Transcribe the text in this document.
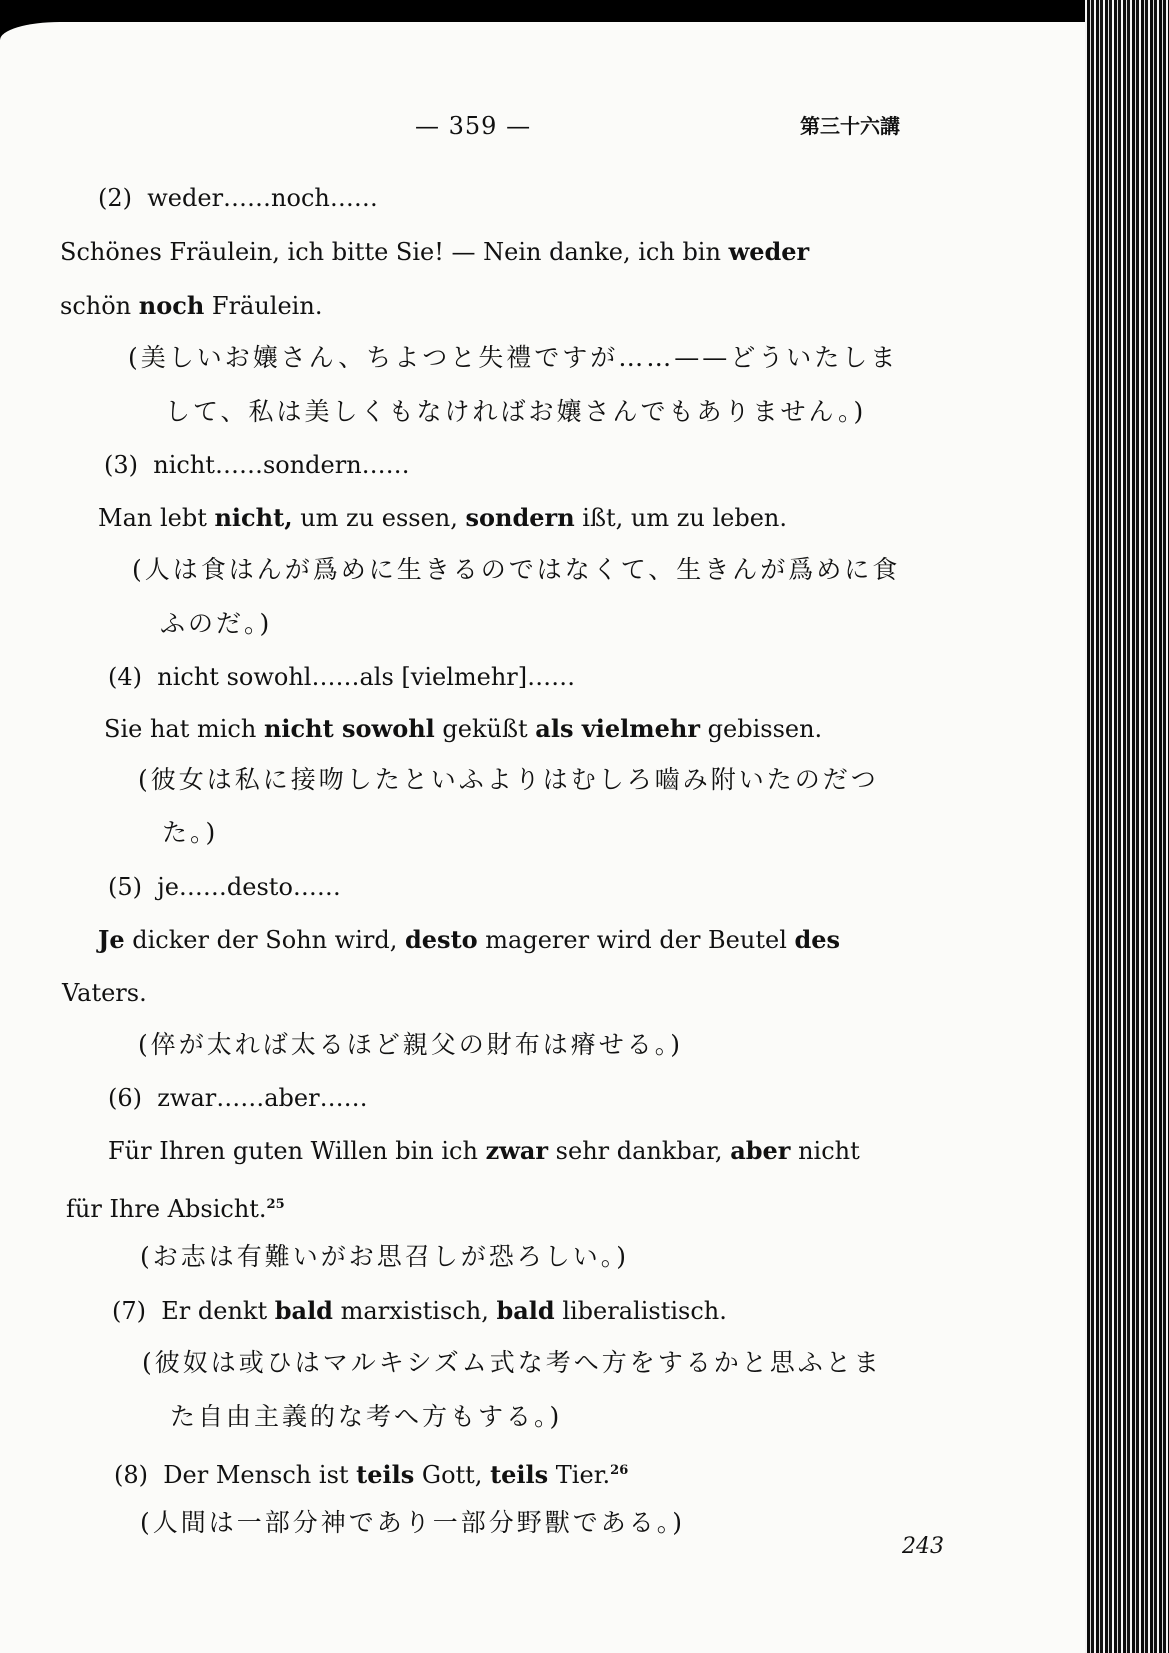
— 359 —	第三十六講
(2) weder……noch……
Schönes Fräulein, ich bitte Sie! — Nein danke, ich bin weder
schön noch Fräulein.
(美しいお孃さん、ちよつと失禮ですが……——どういたしま
して、私は美しくもなければお孃さんでもありません。)
(3) nicht……sondern……
Man lebt nicht, um zu essen, sondern ißt, um zu leben.
(人は食はんが爲めに生きるのではなくて、生きんが爲めに食
ふのだ。)
(4) nicht sowohl……als [vielmehr]……
Sie hat mich nicht sowohl geküßt als vielmehr gebissen.
(彼女は私に接吻したといふよりはむしろ嚙み附いたのだつ
た。)
(5) je……desto……
Je dicker der Sohn wird, desto magerer wird der Beutel des
Vaters.
(倅が太れば太るほど親父の財布は瘠せる。)
(6) zwar……aber……
Für Ihren guten Willen bin ich zwar sehr dankbar, aber nicht
für Ihre Absicht.$^{25}$
(お志は有難いがお思召しが恐ろしい。)
(7) Er denkt bald marxistisch, bald liberalistisch.
(彼奴は或ひはマルキシズム式な考へ方をするかと思ふとま
た自由主義的な考へ方もする。)
(8) Der Mensch ist teils Gott, teils Tier.$^{26}$
(人間は一部分神であり一部分野獸である。)
243
